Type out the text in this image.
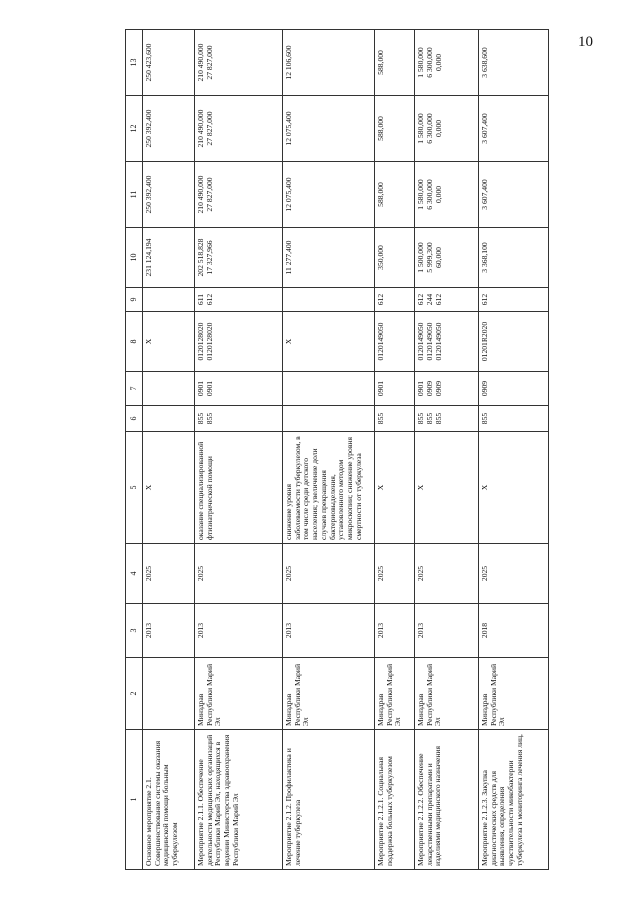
10
1	2	3	4	5	6	7	8	9	10	11	12	13
Основное мероприятие 2.1. Совершенствование системы оказания медицинской помощи больным туберкулезом		2013	2025	Х			Х		231 124,194	250 392,400	250 392,400	250 423,600

Мероприятие 2.1.1. Обеспечение деятельности медицинских организаций Республики Марий Эл, находящихся в ведении Министерства здравоохранения Республики Марий Эл	Минздрав Республики Марий Эл	2013	2025	оказание специализированной фтизиатрической помощи	855 855	0901 0901	0120128020 0120128020	611 612	202 518,828 17 327,966	210 490,000 27 827,000	210 490,000 27 827,000	210 490,000 27 827,000

Мероприятие 2.1.2. Профилактика и лечение туберкулеза	Минздрав Республики Марий Эл	2013	2025	снижение уровня заболеваемости туберкулезом, в том числе среди детского населения; увеличение доли случаев прекращения бактериовыделения, установленного методом микроскопии; снижение уровня смертности от туберкулеза			Х		11 277,400	12 075,400	12 075,400	12 106,600

Мероприятие 2.1.2.1. Социальная поддержка больных туберкулезом	Минздрав Республики Марий Эл	2013	2025	Х	855	0901	0120149050	612	350,000	588,000	588,000	588,000

Мероприятие 2.1.2.2. Обеспечение лекарственными препаратами и изделиями медицинского назначения	Минздрав Республики Марий Эл	2013	2025	Х	855 855 855	0901 0909 0909	0120149050 0120149050 0120149050	612 244 612	1 500,000 5 999,300 60,000	1 580,000 6 300,000 0,000	1 580,000 6 300,000 0,000	1 580,000 6 300,000 0,000

Мероприятие 2.1.2.3. Закупка диагностических средств для выявления, определения чувствительности микобактерии туберкулеза и мониторинга лечения лиц,	Минздрав Республики Марий Эл	2018	2025	Х	855	0909	01201R2020	612	3 368,100	3 607,400	3 607,400	3 638,600
